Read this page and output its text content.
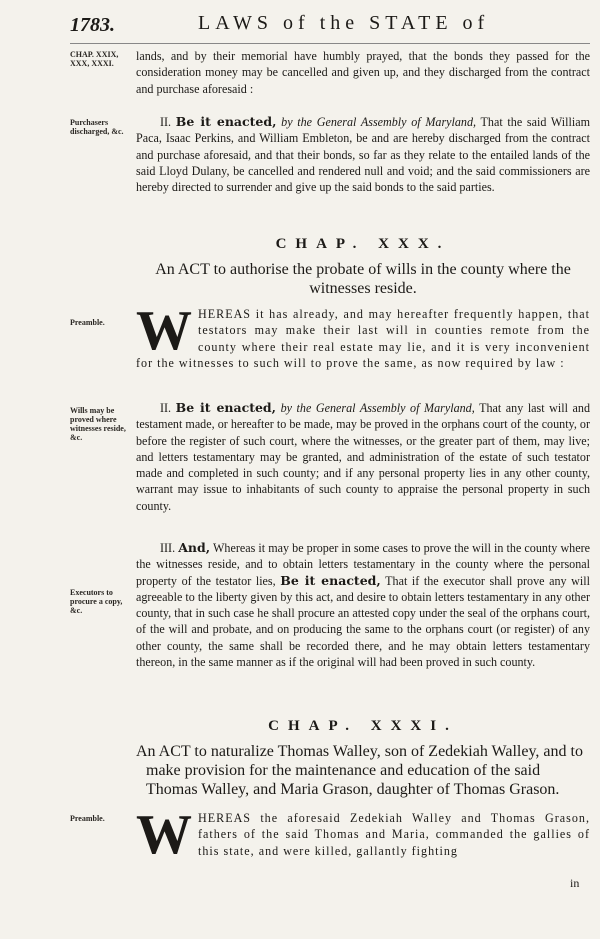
1783.	LAWS of the STATE of
CHAP. XXIX, XXX, XXXI.
lands, and by their memorial have humbly prayed, that the bonds they passed for the consideration money may be cancelled and given up, and they discharged from the contract and purchase aforesaid :
Purchasers discharged, &c.
II. Be it enacted, by the General Assembly of Maryland, That the said William Paca, Isaac Perkins, and William Embleton, be and are hereby discharged from the contract and purchase aforesaid, and that their bonds, so far as they relate to the entailed lands of the said Lloyd Dulany, be cancelled and rendered null and void; and the said commissioners are hereby directed to surrender and give up the said bonds to the said parties.
CHAP. XXX.
An ACT to authorise the probate of wills in the county where the witnesses reside.
Preamble. W HEREAS it has already, and may hereafter frequently happen, that testators may make their last will in counties remote from the county where their real estate may lie, and it is very inconvenient for the witnesses to such will to prove the same, as now required by law :
Wills may be proved where witnesses reside, &c.
II. Be it enacted, by the General Assembly of Maryland, That any last will and testament made, or hereafter to be made, may be proved in the orphans court of the county, or before the register of such court, where the witnesses, or the greater part of them, may live; and letters testamentary may be granted, and administration of the estate of such testator made and completed in such county; and if any personal property lies in any other county, warrant may issue to inhabitants of such county to appraise the personal property in such county.
Executors to procure a copy, &c.
III. And, Whereas it may be proper in some cases to prove the will in the county where the witnesses reside, and to obtain letters testamentary in the county where the personal property of the testator lies, Be it enacted, That if the executor shall prove any will agreeable to the liberty given by this act, and desire to obtain letters testamentary in any other county, that in such case he shall procure an attested copy under the seal of the orphans court, of the will and probate, and on producing the same to the orphans court (or register) of any other county, the same shall be recorded there, and he may obtain letters testamentary thereon, in the same manner as if the original will had been proved in such county.
CHAP. XXXI.
An ACT to naturalize Thomas Walley, son of Zedekiah Walley, and to make provision for the maintenance and education of the said Thomas Walley, and Maria Grason, daughter of Thomas Grason.
Preamble. W HEREAS the aforesaid Zedekiah Walley and Thomas Grason, fathers of the said Thomas and Maria, commanded the gallies of this state, and were killed, gallantly fighting
in
